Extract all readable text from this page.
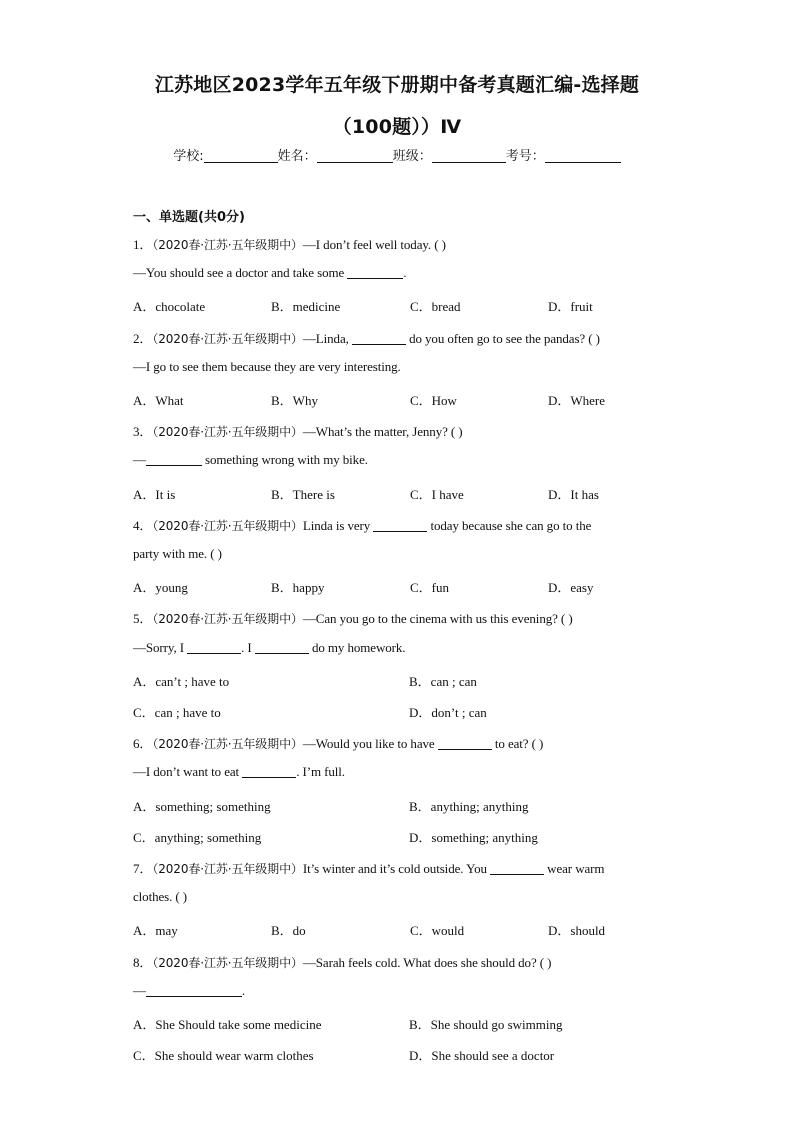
江苏地区2023学年五年级下册期中备考真题汇编-选择题
（100题））Ⅳ
学校:	姓名：	班级：	考号：
一、单选题(共0分)
1．（2020春·江苏·五年级期中）—I don’t feel well today. ( )
—You should see a doctor and take some	.
A．chocolate	B．medicine	C．bread	D．fruit
2．（2020春·江苏·五年级期中）—Linda,	do you often go to see the pandas? ( )
—I go to see them because they are very interesting.
A．What	B．Why	C．How	D．Where
3．（2020春·江苏·五年级期中）—What’s the matter, Jenny? ( )
—	something wrong with my bike.
A．It is	B．There is	C．I have	D．It has
4．（2020春·江苏·五年级期中）Linda is very	today because she can go to the
party with me. ( )
A．young	B．happy	C．fun	D．easy
5．（2020春·江苏·五年级期中）—Can you go to the cinema with us this evening? ( )
—Sorry, I	. I	do my homework.
A．can’t ; have to	B．can ; can
C．can ; have to	D．don’t ; can
6．（2020春·江苏·五年级期中）—Would you like to have	to eat? ( )
—I don’t want to eat	. I’m full.
A．something; something	B．anything; anything
C．anything; something	D．something; anything
7．（2020春·江苏·五年级期中）It’s winter and it’s cold outside. You	wear warm
clothes. ( )
A．may	B．do	C．would	D．should
8．（2020春·江苏·五年级期中）—Sarah feels cold. What does she should do? ( )
—	.
A．She Should take some medicine	B．She should go swimming
C．She should wear warm clothes	D．She should see a doctor
